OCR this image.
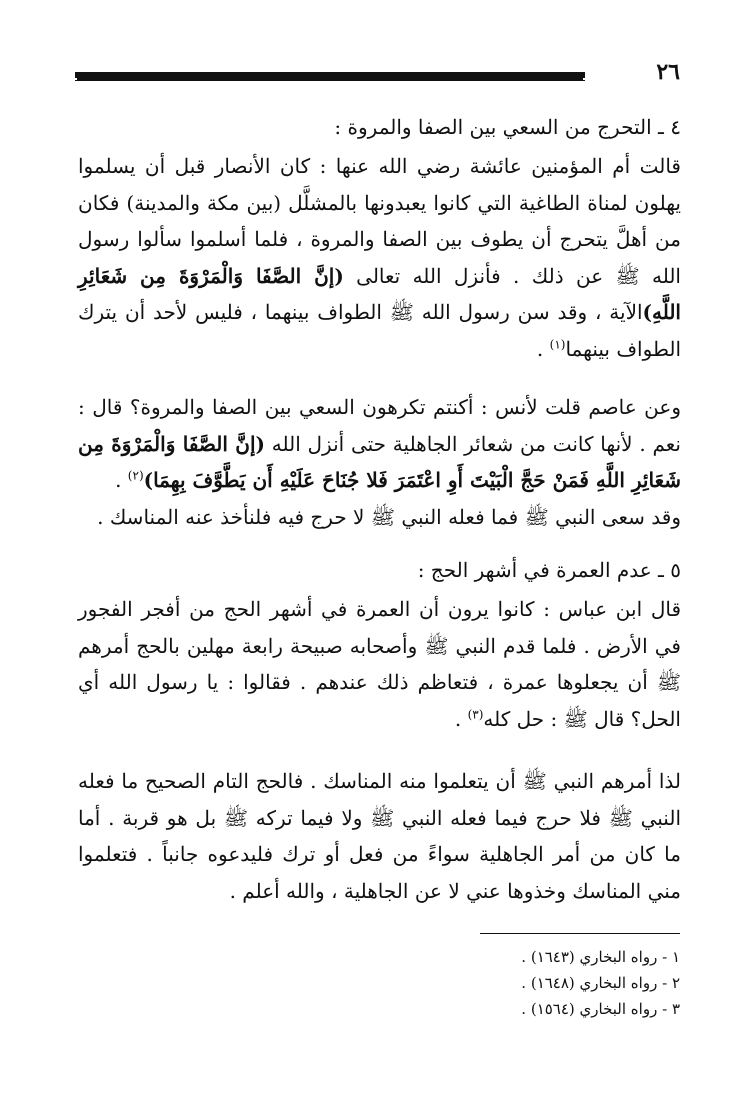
٢٦
٤ ـ التحرج من السعي بين الصفا والمروة :

قالت أم المؤمنين عائشة رضي الله عنها : كان الأنصار قبل أن يسلموا يهلون لمناة الطاغية التي كانوا يعبدونها بالمشلَّل (بين مكة والمدينة) فكان من أهلَّ يتحرج أن يطوف بين الصفا والمروة ، فلما أسلموا سألوا رسول الله ﷺ عن ذلك . فأنزل الله تعالى (إنَّ الصَّفَا وَالْمَرْوَةَ مِن شَعَائِرِ اللَّهِ)الآية ، وقد سن رسول الله ﷺ الطواف بينهما ، فليس لأحد أن يترك الطواف بينهما$^{(١)}$ .

وعن عاصم قلت لأنس : أكنتم تكرهون السعي بين الصفا والمروة؟ قال : نعم . لأنها كانت من شعائر الجاهلية حتى أنزل الله (إنَّ الصَّفَا وَالْمَرْوَةَ مِن شَعَائِرِ اللَّهِ فَمَنْ حَجَّ الْبَيْتَ أَوِ اعْتَمَرَ فَلا جُنَاحَ عَلَيْهِ أَن يَطَّوَّفَ بِهِمَا)$^{(٢)}$ .

وقد سعى النبي ﷺ فما فعله النبي ﷺ لا حرج فيه فلنأخذ عنه المناسك .

٥ ـ عدم العمرة في أشهر الحج :

قال ابن عباس : كانوا يرون أن العمرة في أشهر الحج من أفجر الفجور في الأرض . فلما قدم النبي ﷺ وأصحابه صبيحة رابعة مهلين بالحج أمرهم ﷺ أن يجعلوها عمرة ، فتعاظم ذلك عندهم . فقالوا : يا رسول الله أي الحل؟ قال ﷺ : حل كله$^{(٣)}$ .

لذا أمرهم النبي ﷺ أن يتعلموا منه المناسك . فالحج التام الصحيح ما فعله النبي ﷺ فلا حرج فيما فعله النبي ﷺ ولا فيما تركه ﷺ بل هو قربة . أما ما كان من أمر الجاهلية سواءً من فعل أو ترك فليدعوه جانباً . فتعلموا مني المناسك وخذوها عني لا عن الجاهلية ، والله أعلم .

١ - رواه البخاري (١٦٤٣) .

٢ - رواه البخاري (١٦٤٨) .

٣ - رواه البخاري (١٥٦٤) .
